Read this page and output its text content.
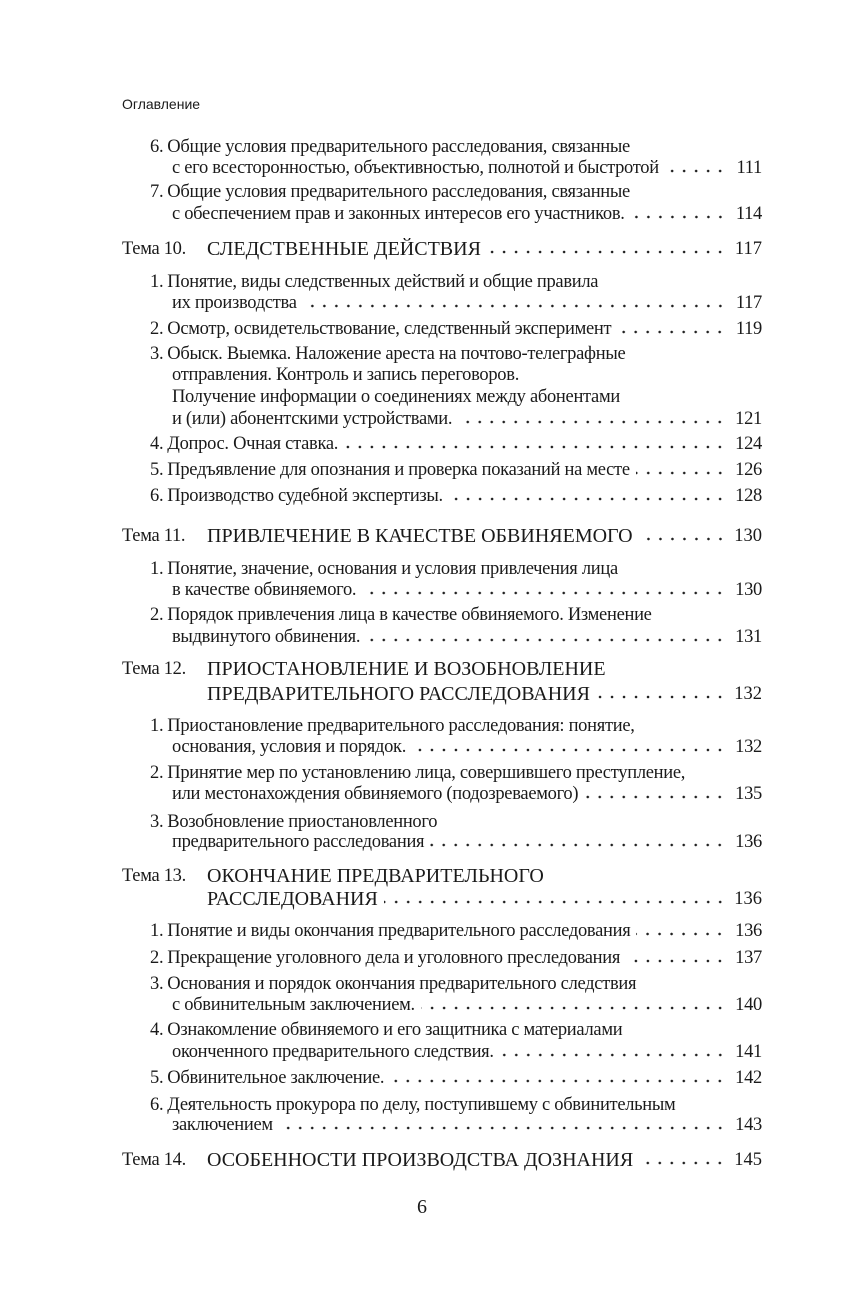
Оглавление
6. Общие условия предварительного расследования, связанные
с его всесторонностью, объективностью, полнотой и быстротой	111
7. Общие условия предварительного расследования, связанные
с обеспечением прав и законных интересов его участников.	114
Тема 10. СЛЕДСТВЕННЫЕ ДЕЙСТВИЯ	117
1. Понятие, виды следственных действий и общие правила
их производства	117
2. Осмотр, освидетельствование, следственный эксперимент	119
3. Обыск. Выемка. Наложение ареста на почтово-телеграфные
отправления. Контроль и запись переговоров.
Получение информации о соединениях между абонентами
и (или) абонентскими устройствами.	121
4. Допрос. Очная ставка.	124
5. Предъявление для опознания и проверка показаний на месте	126
6. Производство судебной экспертизы.	128
Тема 11. ПРИВЛЕЧЕНИЕ В КАЧЕСТВЕ ОБВИНЯЕМОГО	130
1. Понятие, значение, основания и условия привлечения лица
в качестве обвиняемого.	130
2. Порядок привлечения лица в качестве обвиняемого. Изменение
выдвинутого обвинения.	131
Тема 12. ПРИОСТАНОВЛЕНИЕ И ВОЗОБНОВЛЕНИЕ
ПРЕДВАРИТЕЛЬНОГО РАССЛЕДОВАНИЯ	132
1. Приостановление предварительного расследования: понятие,
основания, условия и порядок.	132
2. Принятие мер по установлению лица, совершившего преступление,
или местонахождения обвиняемого (подозреваемого)	135
3. Возобновление приостановленного
предварительного расследования	136
Тема 13. ОКОНЧАНИЕ ПРЕДВАРИТЕЛЬНОГО
РАССЛЕДОВАНИЯ	136
1. Понятие и виды окончания предварительного расследования	136
2. Прекращение уголовного дела и уголовного преследования	137
3. Основания и порядок окончания предварительного следствия
с обвинительным заключением.	140
4. Ознакомление обвиняемого и его защитника с материалами
оконченного предварительного следствия.	141
5. Обвинительное заключение.	142
6. Деятельность прокурора по делу, поступившему с обвинительным
заключением	143
Тема 14. ОСОБЕННОСТИ ПРОИЗВОДСТВА ДОЗНАНИЯ	145
6
